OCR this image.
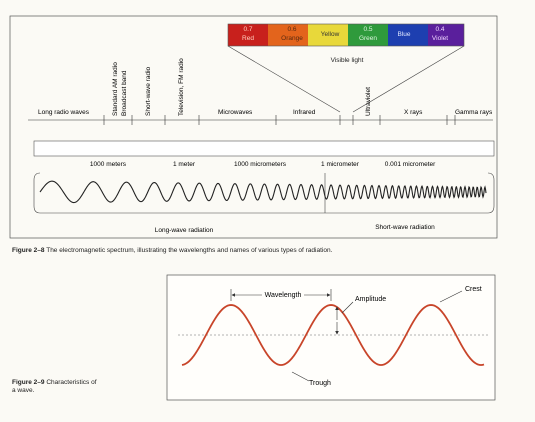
0.7
Red
0.6
Orange
Yellow
0.5
Green
Blue
0.4
Violet
Visible light
Long radio waves	Microwaves	Infrared	X rays	Gamma rays
Standard AM radio Broadcast band	Short-wave radio	Television, FM radio	Ultraviolet
1000 meters	1 meter	1000 micrometers	1 micrometer	0.001 micrometer
Long-wave radiation	Short-wave radiation
Wavelength
Amplitude
Crest
Trough
Figure 2–8 The electromagnetic spectrum, illustrating the wavelengths and names of various types of radiation.
Figure 2–9 Characteristics of
a wave.
